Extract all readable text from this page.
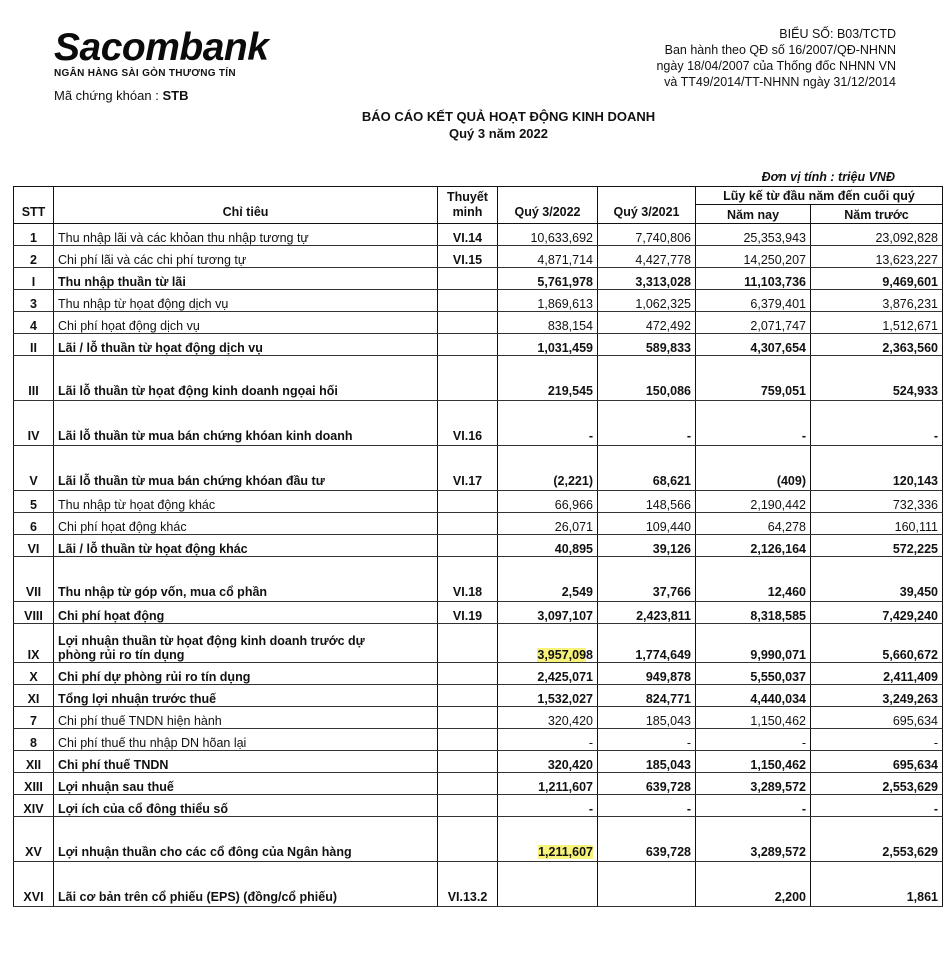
Sacombank
NGÂN HÀNG SÀI GÒN THƯƠNG TÍN
Mã chứng khóan : STB
BIỂU SỐ: B03/TCTD
Ban hành theo QĐ số 16/2007/QĐ-NHNN
ngày 18/04/2007 của Thống đốc NHNN VN
và TT49/2014/TT-NHNN ngày 31/12/2014
BÁO CÁO KẾT QUẢ HOẠT ĐỘNG KINH DOANH
Quý 3 năm 2022
Đơn vị tính : triệu VNĐ
STT	Chỉ tiêu	Thuyết minh	Quý 3/2022	Quý 3/2021	Lũy kế từ đầu năm đến cuối quý	
					Năm nay	Năm trước
1	Thu nhập lãi và các khỏan thu nhập tương tự	VI.14	10,633,692	7,740,806	25,353,943	23,092,828
2	Chi phí lãi và các chi phí tương tự	VI.15	4,871,714	4,427,778	14,250,207	13,623,227
I	Thu nhập thuần từ lãi		5,761,978	3,313,028	11,103,736	9,469,601
3	Thu nhập từ họat động dịch vụ		1,869,613	1,062,325	6,379,401	3,876,231
4	Chi phí họat động dịch vụ		838,154	472,492	2,071,747	1,512,671
II	Lãi / lỗ thuần từ họat động dịch vụ		1,031,459	589,833	4,307,654	2,363,560
III	Lãi lỗ thuần từ họat động kinh doanh ngọai hối		219,545	150,086	759,051	524,933
IV	Lãi lỗ thuần từ mua bán chứng khóan kinh doanh	VI.16	-	-	-	-
V	Lãi lỗ thuần từ mua bán chứng khóan đầu tư	VI.17	(2,221)	68,621	(409)	120,143
5	Thu nhập từ họat động khác		66,966	148,566	2,190,442	732,336
6	Chi phí họat động khác		26,071	109,440	64,278	160,111
VI	Lãi / lỗ thuần từ họat động khác		40,895	39,126	2,126,164	572,225
VII	Thu nhập từ góp vốn, mua cổ phần	VI.18	2,549	37,766	12,460	39,450
VIII	Chi phí họat động	VI.19	3,097,107	2,423,811	8,318,585	7,429,240
IX	Lợi nhuận thuần từ họat động kinh doanh trước dự
phòng rủi ro tín dụng		3,957,098	1,774,649	9,990,071	5,660,672
X	Chi phí dự phòng rủi ro tín dụng		2,425,071	949,878	5,550,037	2,411,409
XI	Tổng lợi nhuận trước thuế		1,532,027	824,771	4,440,034	3,249,263
7	Chi phí thuế TNDN hiện hành		320,420	185,043	1,150,462	695,634
8	Chi phí thuế thu nhập DN hõan lại		-	-	-	-
XII	Chi phí thuế TNDN		320,420	185,043	1,150,462	695,634
XIII	Lợi nhuận sau thuế		1,211,607	639,728	3,289,572	2,553,629
XIV	Lợi ích của cổ đông thiểu số		-	-	-	-
XV	Lợi nhuận thuần cho các cổ đông của Ngân hàng		1,211,607	639,728	3,289,572	2,553,629
XVI	Lãi cơ bản trên cổ phiếu (EPS) (đồng/cổ phiếu)	VI.13.2			2,200	1,861
